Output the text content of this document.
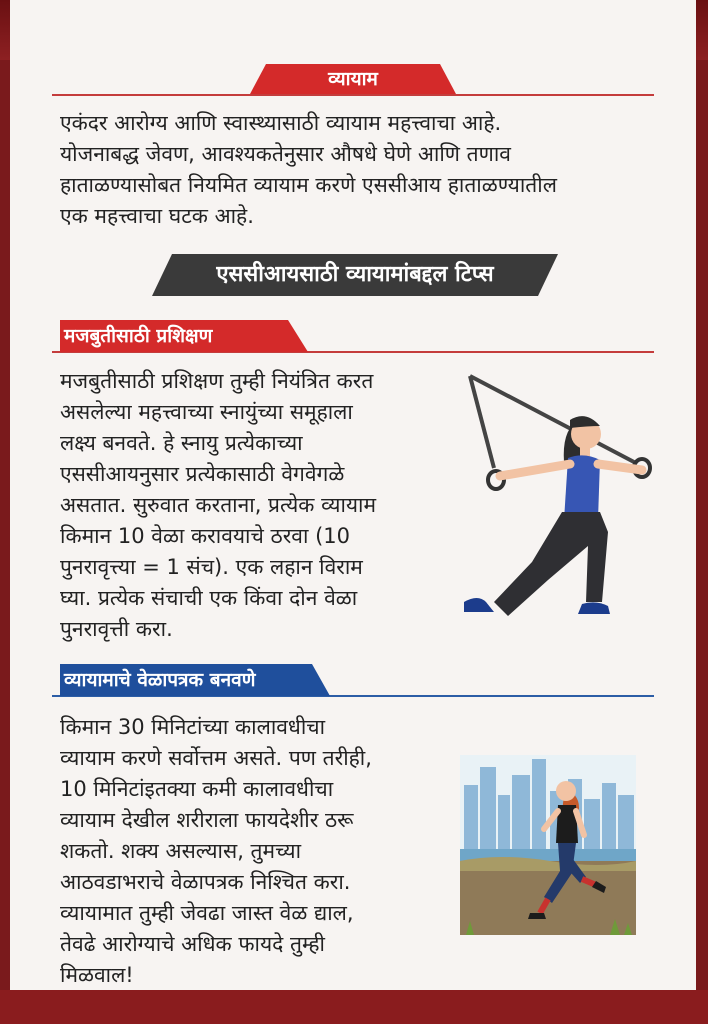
व्यायाम
एकंदर आरोग्य आणि स्वास्थ्यासाठी व्यायाम महत्त्वाचा आहे.
योजनाबद्ध जेवण, आवश्यकतेनुसार औषधे घेणे आणि तणाव
हाताळण्यासोबत नियमित व्यायाम करणे एससीआय हाताळण्यातील
एक महत्त्वाचा घटक आहे.
एससीआयसाठी व्यायामांबद्दल टिप्स
मजबुतीसाठी प्रशिक्षण
मजबुतीसाठी प्रशिक्षण तुम्ही नियंत्रित करत
असलेल्या महत्त्वाच्या स्नायुंच्या समूहाला
लक्ष्य बनवते. हे स्नायु प्रत्येकाच्या
एससीआयनुसार प्रत्येकासाठी वेगवेगळे
असतात. सुरुवात करताना, प्रत्येक व्यायाम
किमान 10 वेळा करावयाचे ठरवा (10
पुनरावृत्त्या = 1 संच). एक लहान विराम
घ्या. प्रत्येक संचाची एक किंवा दोन वेळा
पुनरावृत्ती करा.
व्यायामाचे वेळापत्रक बनवणे
किमान 30 मिनिटांच्या कालावधीचा
व्यायाम करणे सर्वोत्तम असते. पण तरीही,
10 मिनिटांइतक्या कमी कालावधीचा
व्यायाम देखील शरीराला फायदेशीर ठरू
शकतो. शक्य असल्यास, तुमच्या
आठवडाभराचे वेळापत्रक निश्चित करा.
व्यायामात तुम्ही जेवढा जास्त वेळ द्याल,
तेवढे आरोग्याचे अधिक फायदे तुम्ही
मिळवाल!
